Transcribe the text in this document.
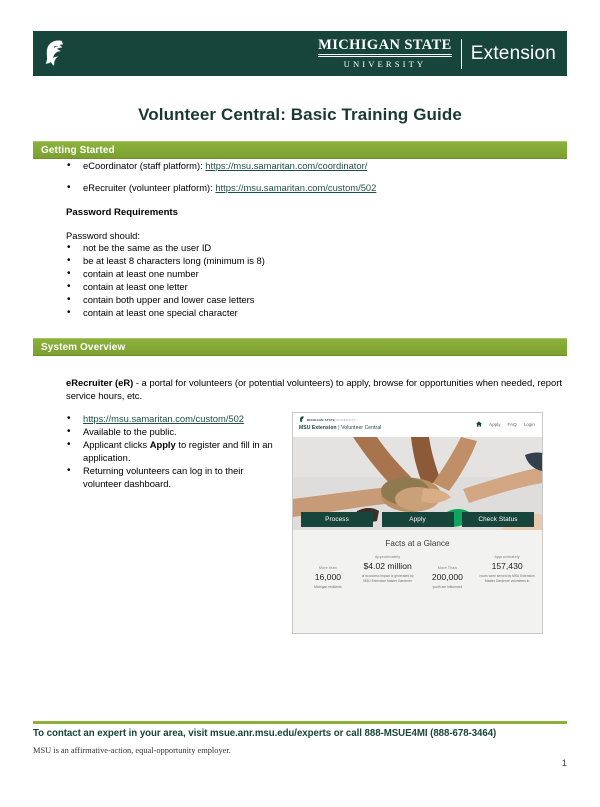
MICHIGAN STATE
UNIVERSITY	Extension
Volunteer Central: Basic Training Guide
Getting Started
• eCoordinator (staff platform): https://msu.samaritan.com/coordinator/
• eRecruiter (volunteer platform): https://msu.samaritan.com/custom/502
Password Requirements
Password should:
• not be the same as the user ID
• be at least 8 characters long (minimum is 8)
• contain at least one number
• contain at least one letter
• contain both upper and lower case letters
• contain at least one special character
System Overview
eRecruiter (eR) - a portal for volunteers (or potential volunteers) to apply, browse for opportunities when needed, report service hours, etc.
• https://msu.samaritan.com/custom/502
• Available to the public.
• Applicant clicks Apply to register and fill in an application.
• Returning volunteers can log in to their volunteer dashboard.
MICHIGAN STATE UNIVERSITY
MSU Extension | Volunteer Central
Apply FAQ Login
Process	Apply	Check Status
Facts at a Glance
More than
16,000
Michigan residents
Approximately
$4.02 million
of economic impact is generated by MSU Extension Master Gardener
More Than
200,000
youth are influenced
Approximately
157,430
hours were served by MSU Extension Master Gardener volunteers in
To contact an expert in your area, visit msue.anr.msu.edu/experts or call 888-MSUE4MI (888-678-3464)
MSU is an affirmative-action, equal-opportunity employer.
1
